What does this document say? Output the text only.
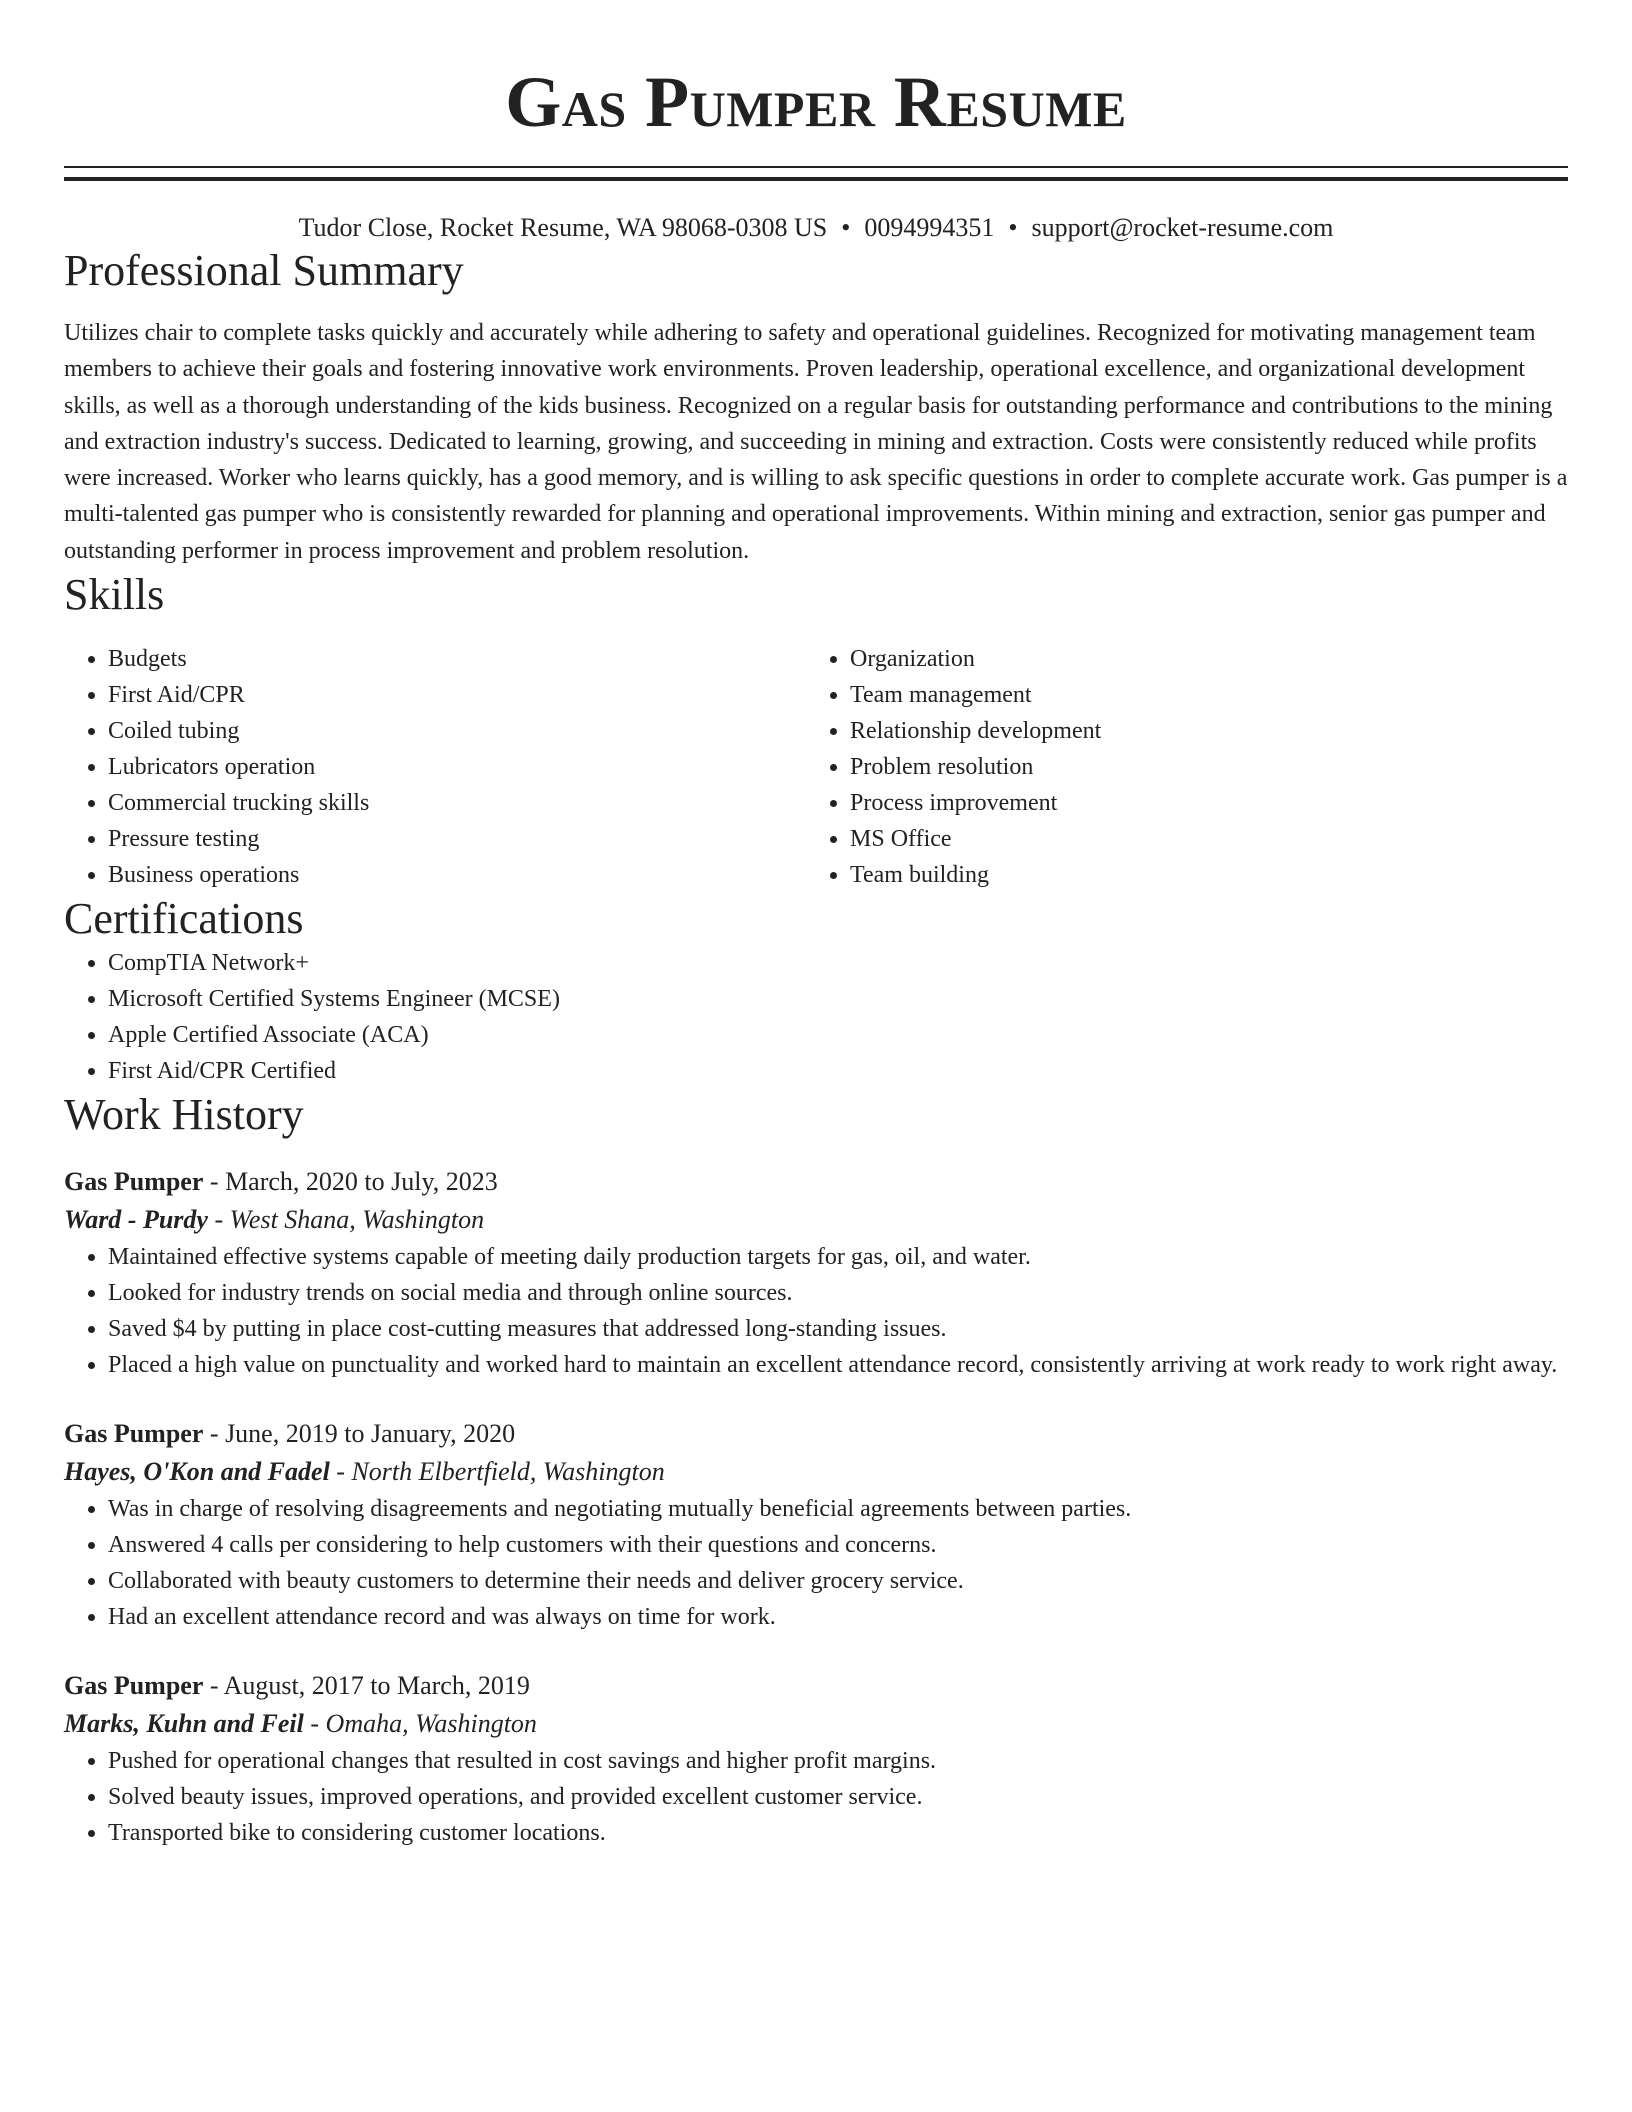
Gas Pumper Resume
Tudor Close, Rocket Resume, WA 98068-0308 US • 0094994351 • support@rocket-resume.com
Professional Summary

Utilizes chair to complete tasks quickly and accurately while adhering to safety and operational guidelines. Recognized for motivating management team members to achieve their goals and fostering innovative work environments. Proven leadership, operational excellence, and organizational development skills, as well as a thorough understanding of the kids business. Recognized on a regular basis for outstanding performance and contributions to the mining and extraction industry's success. Dedicated to learning, growing, and succeeding in mining and extraction. Costs were consistently reduced while profits were increased. Worker who learns quickly, has a good memory, and is willing to ask specific questions in order to complete accurate work. Gas pumper is a multi-talented gas pumper who is consistently rewarded for planning and operational improvements. Within mining and extraction, senior gas pumper and outstanding performer in process improvement and problem resolution.

Skills
• Budgets
• First Aid/CPR
• Coiled tubing
• Lubricators operation
• Commercial trucking skills
• Pressure testing
• Business operations
• Organization
• Team management
• Relationship development
• Problem resolution
• Process improvement
• MS Office
• Team building
Certifications
• CompTIA Network+
• Microsoft Certified Systems Engineer (MCSE)
• Apple Certified Associate (ACA)
• First Aid/CPR Certified
Work History
Gas Pumper - March, 2020 to July, 2023
Ward - Purdy - West Shana, Washington
• Maintained effective systems capable of meeting daily production targets for gas, oil, and water.
• Looked for industry trends on social media and through online sources.
• Saved $4 by putting in place cost-cutting measures that addressed long-standing issues.
• Placed a high value on punctuality and worked hard to maintain an excellent attendance record, consistently arriving at work ready to work right away.
Gas Pumper - June, 2019 to January, 2020
Hayes, O'Kon and Fadel - North Elbertfield, Washington
• Was in charge of resolving disagreements and negotiating mutually beneficial agreements between parties.
• Answered 4 calls per considering to help customers with their questions and concerns.
• Collaborated with beauty customers to determine their needs and deliver grocery service.
• Had an excellent attendance record and was always on time for work.
Gas Pumper - August, 2017 to March, 2019
Marks, Kuhn and Feil - Omaha, Washington
• Pushed for operational changes that resulted in cost savings and higher profit margins.
• Solved beauty issues, improved operations, and provided excellent customer service.
• Transported bike to considering customer locations.
